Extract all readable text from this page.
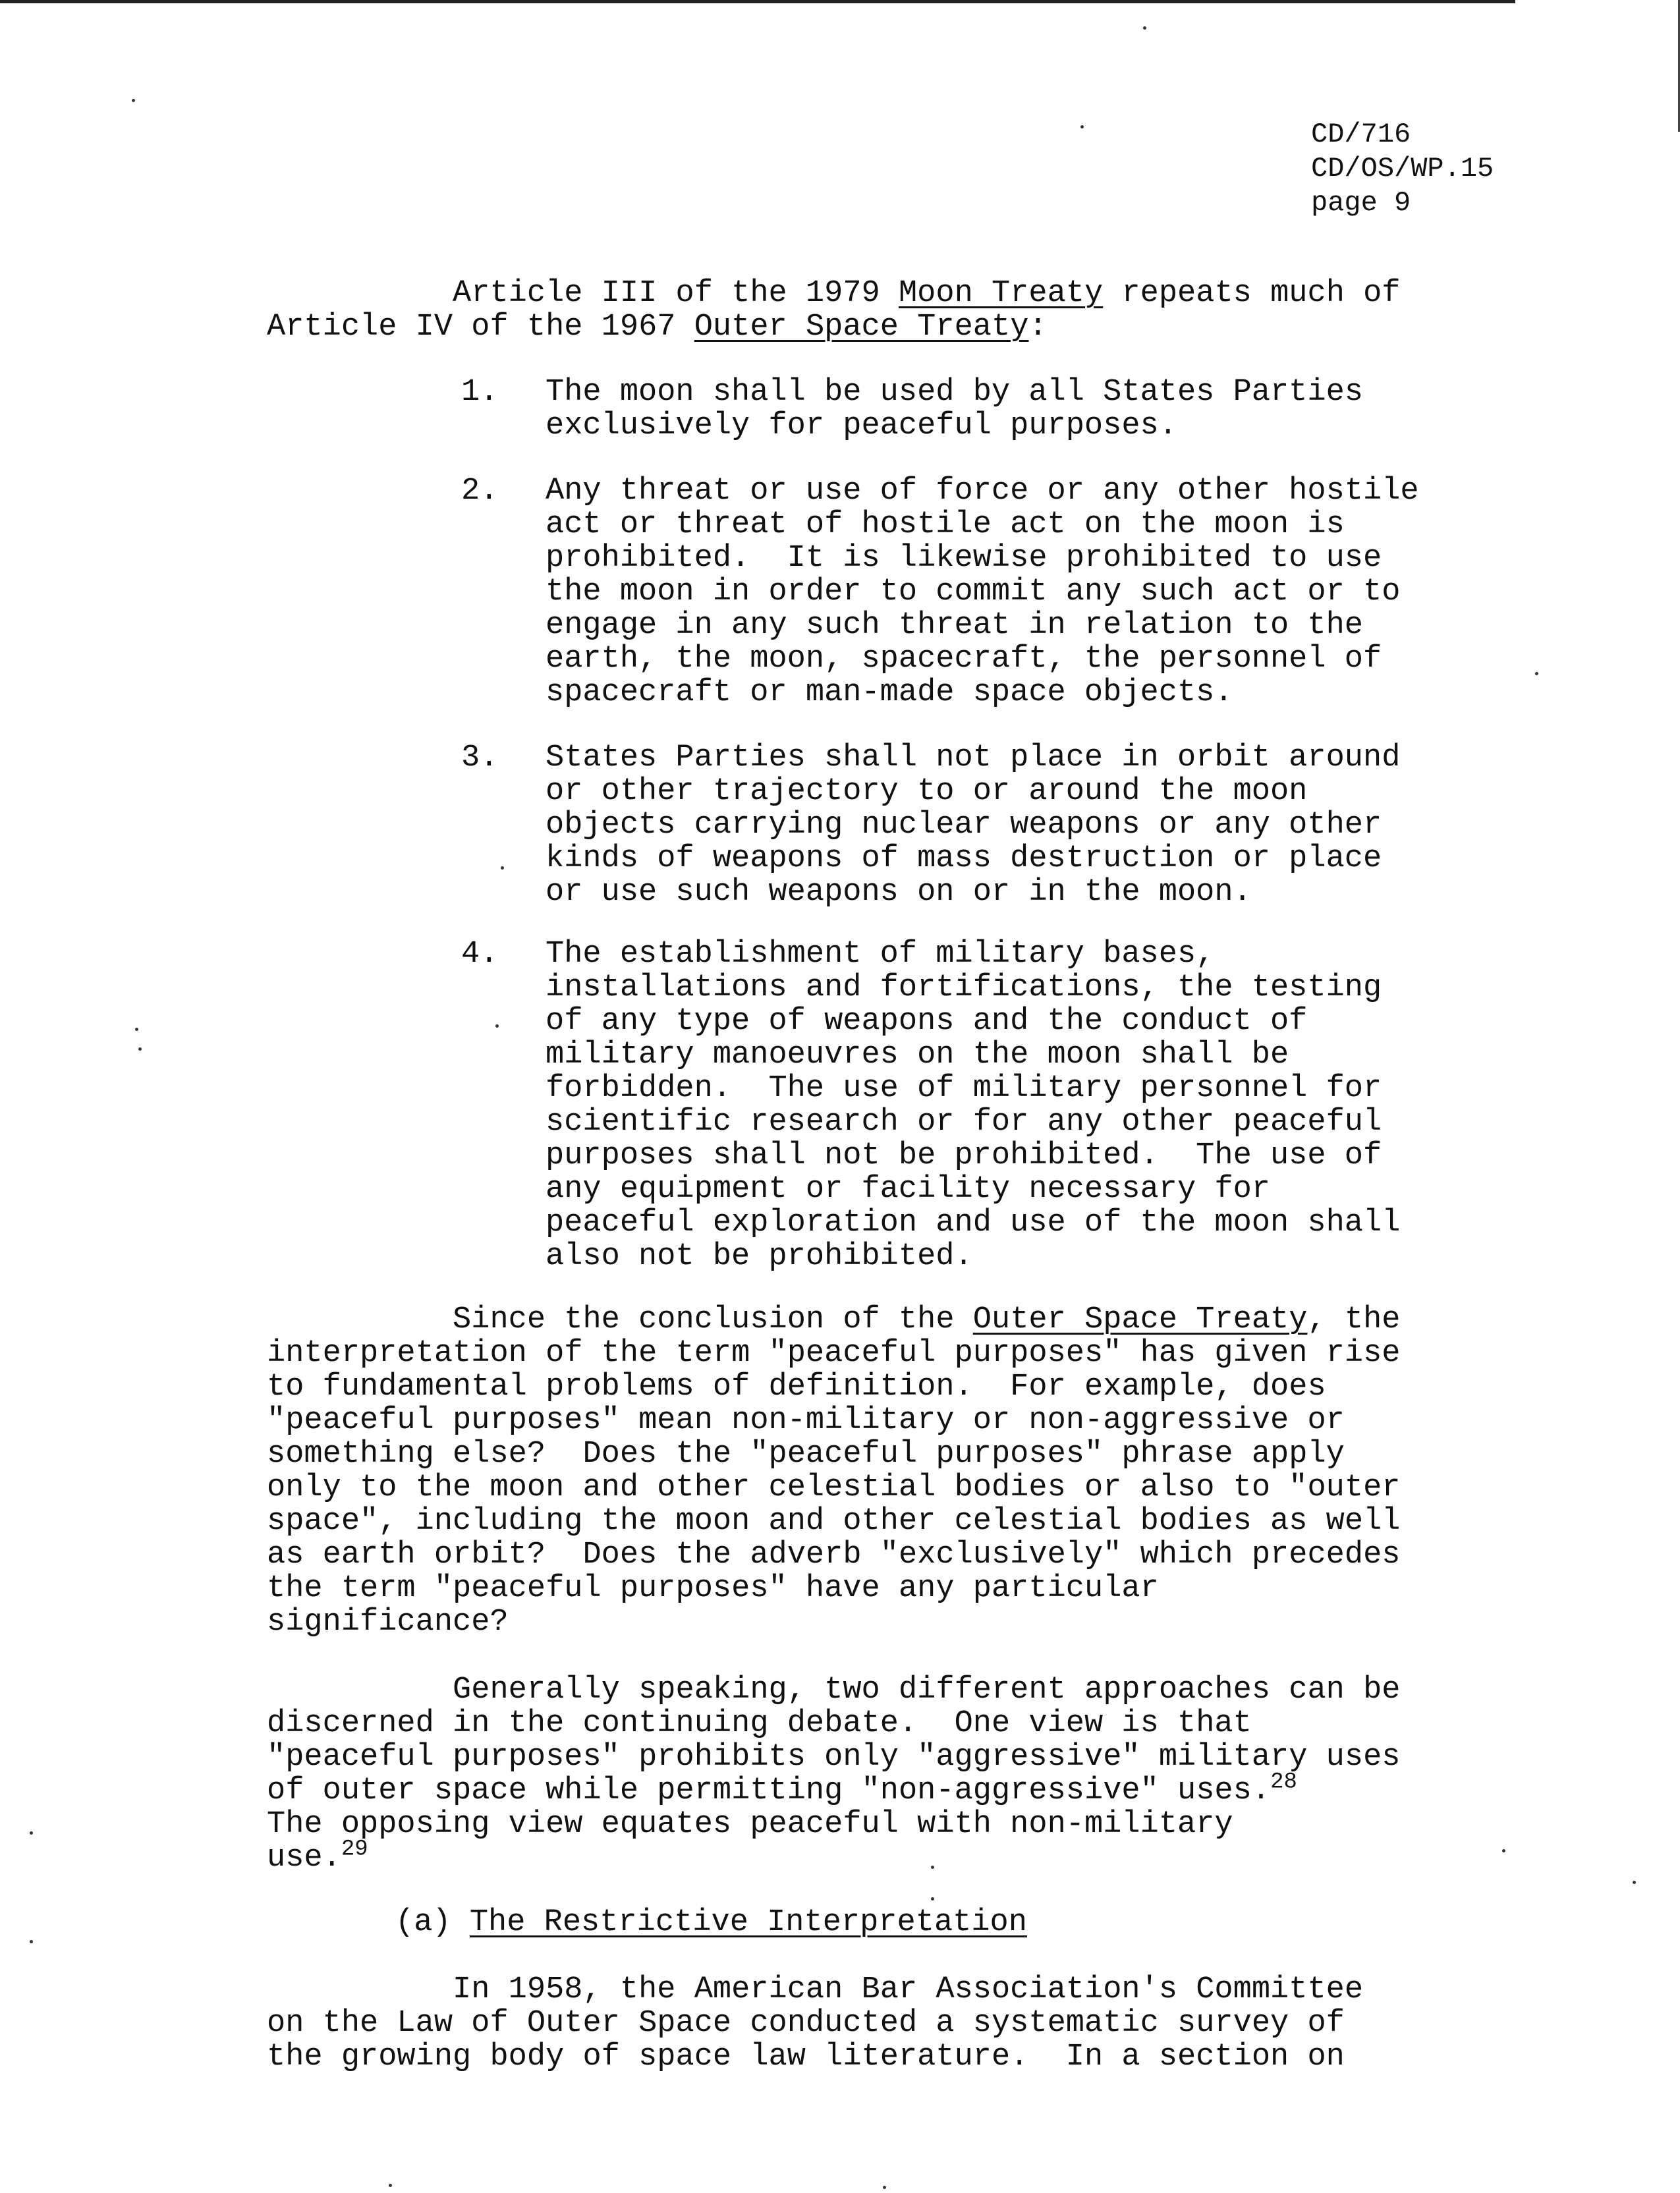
CD/716
CD/OS/WP.15
page 9
Article III of the 1979 Moon Treaty repeats much of
Article IV of the 1967 Outer Space Treaty:
1. The moon shall be used by all States Parties
exclusively for peaceful purposes.
2. Any threat or use of force or any other hostile
act or threat of hostile act on the moon is
prohibited.  It is likewise prohibited to use
the moon in order to commit any such act or to
engage in any such threat in relation to the
earth, the moon, spacecraft, the personnel of
spacecraft or man-made space objects.
3. States Parties shall not place in orbit around
or other trajectory to or around the moon
objects carrying nuclear weapons or any other
kinds of weapons of mass destruction or place
or use such weapons on or in the moon.
4. The establishment of military bases,
installations and fortifications, the testing
of any type of weapons and the conduct of
military manoeuvres on the moon shall be
forbidden.  The use of military personnel for
scientific research or for any other peaceful
purposes shall not be prohibited.  The use of
any equipment or facility necessary for
peaceful exploration and use of the moon shall
also not be prohibited.
Since the conclusion of the Outer Space Treaty, the
interpretation of the term "peaceful purposes" has given rise
to fundamental problems of definition.  For example, does
"peaceful purposes" mean non-military or non-aggressive or
something else?  Does the "peaceful purposes" phrase apply
only to the moon and other celestial bodies or also to "outer
space", including the moon and other celestial bodies as well
as earth orbit?  Does the adverb "exclusively" which precedes
the term "peaceful purposes" have any particular
significance?
Generally speaking, two different approaches can be
discerned in the continuing debate.  One view is that
"peaceful purposes" prohibits only "aggressive" military uses
of outer space while permitting "non-aggressive" uses.$^{28}$
The opposing view equates peaceful with non-military
use.$^{29}$
(a) The Restrictive Interpretation
In 1958, the American Bar Association's Committee
on the Law of Outer Space conducted a systematic survey of
the growing body of space law literature.  In a section on
